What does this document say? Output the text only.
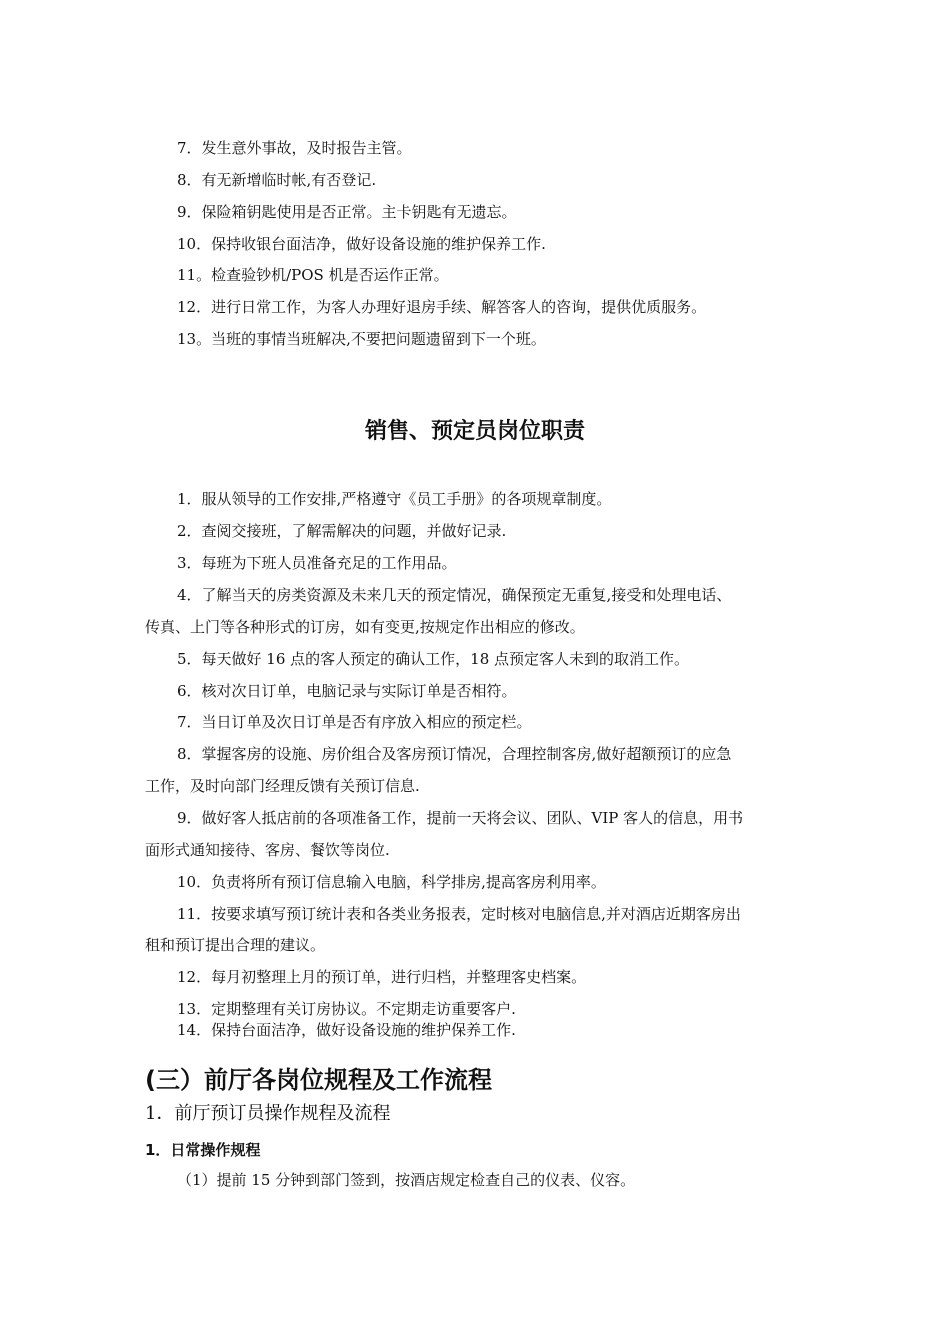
7．发生意外事故，及时报告主管。
8．有无新增临时帐,有否登记.
9．保险箱钥匙使用是否正常。主卡钥匙有无遗忘。
10．保持收银台面洁净，做好设备设施的维护保养工作.
11。检查验钞机/POS 机是否运作正常。
12．进行日常工作，为客人办理好退房手续、解答客人的咨询，提供优质服务。
13。当班的事情当班解决,不要把问题遗留到下一个班。
销售、预定员岗位职责
1．服从领导的工作安排,严格遵守《员工手册》的各项规章制度。
2．查阅交接班，了解需解决的问题，并做好记录.
3．每班为下班人员准备充足的工作用品。
4．了解当天的房类资源及未来几天的预定情况，确保预定无重复,接受和处理电话、
传真、上门等各种形式的订房，如有变更,按规定作出相应的修改。
5．每天做好 16 点的客人预定的确认工作，18 点预定客人未到的取消工作。
6．核对次日订单，电脑记录与实际订单是否相符。
7．当日订单及次日订单是否有序放入相应的预定栏。
8．掌握客房的设施、房价组合及客房预订情况，合理控制客房,做好超额预订的应急
工作，及时向部门经理反馈有关预订信息.
9．做好客人抵店前的各项准备工作，提前一天将会议、团队、VIP 客人的信息，用书
面形式通知接待、客房、餐饮等岗位.
10．负责将所有预订信息输入电脑，科学排房,提高客房利用率。
11．按要求填写预订统计表和各类业务报表，定时核对电脑信息,并对酒店近期客房出
租和预订提出合理的建议。
12．每月初整理上月的预订单，进行归档，并整理客史档案。
13．定期整理有关订房协议。不定期走访重要客户.
14．保持台面洁净，做好设备设施的维护保养工作.
(三）前厅各岗位规程及工作流程
1．前厅预订员操作规程及流程
1．日常操作规程
（1）提前 15 分钟到部门签到，按酒店规定检查自己的仪表、仪容。
